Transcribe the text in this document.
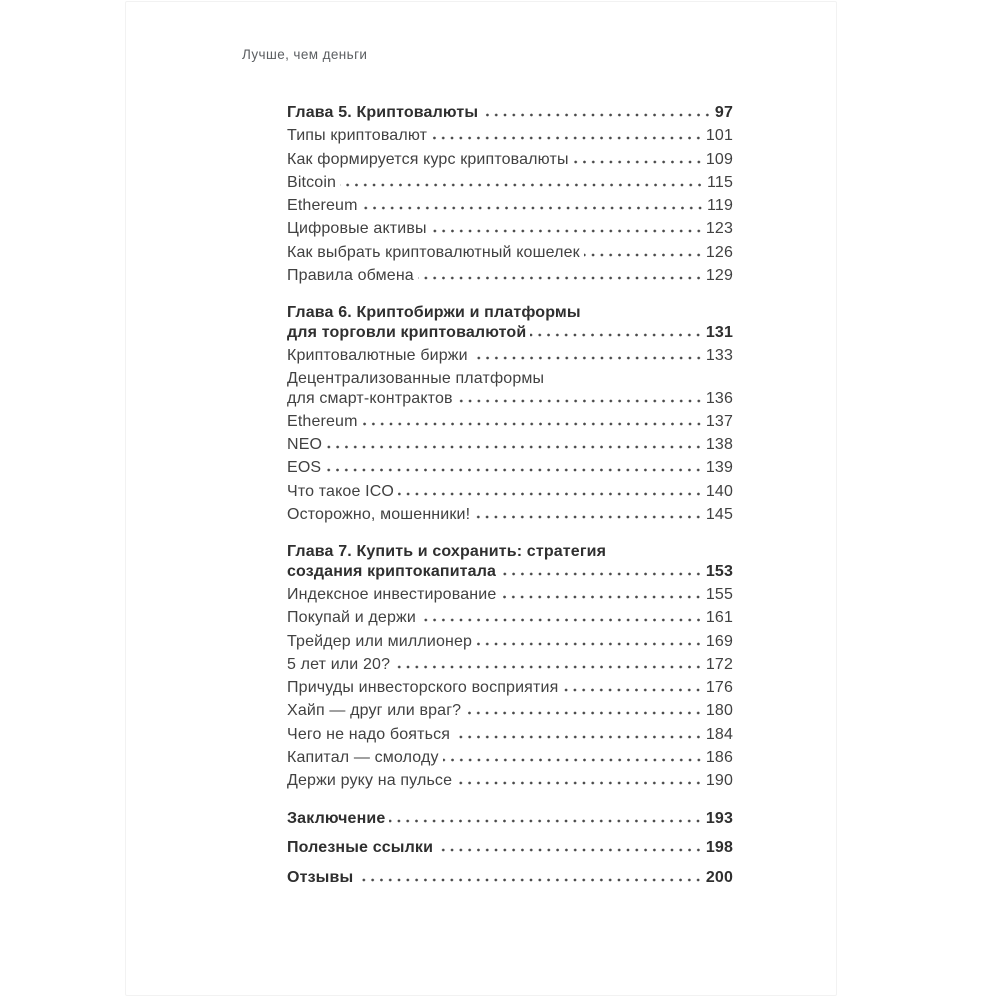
Лучше, чем деньги
Глава 5. Криптовалюты	97
Типы криптовалют	101
Как формируется курс криптовалюты	109
Bitcoin	115
Ethereum	119
Цифровые активы	123
Как выбрать криптовалютный кошелек	126
Правила обмена	129
Глава 6. Криптобиржи и платформы
для торговли криптовалютой	131
Криптовалютные биржи	133
Децентрализованные платформы
для смарт-контрактов	136
Ethereum	137
NEO	138
EOS	139
Что такое ICO	140
Осторожно, мошенники!	145
Глава 7. Купить и сохранить: стратегия
создания криптокапитала	153
Индексное инвестирование	155
Покупай и держи	161
Трейдер или миллионер	169
5 лет или 20?	172
Причуды инвесторского восприятия	176
Хайп — друг или враг?	180
Чего не надо бояться	184
Капитал — смолоду	186
Держи руку на пульсе	190
Заключение	193
Полезные ссылки	198
Отзывы	200
